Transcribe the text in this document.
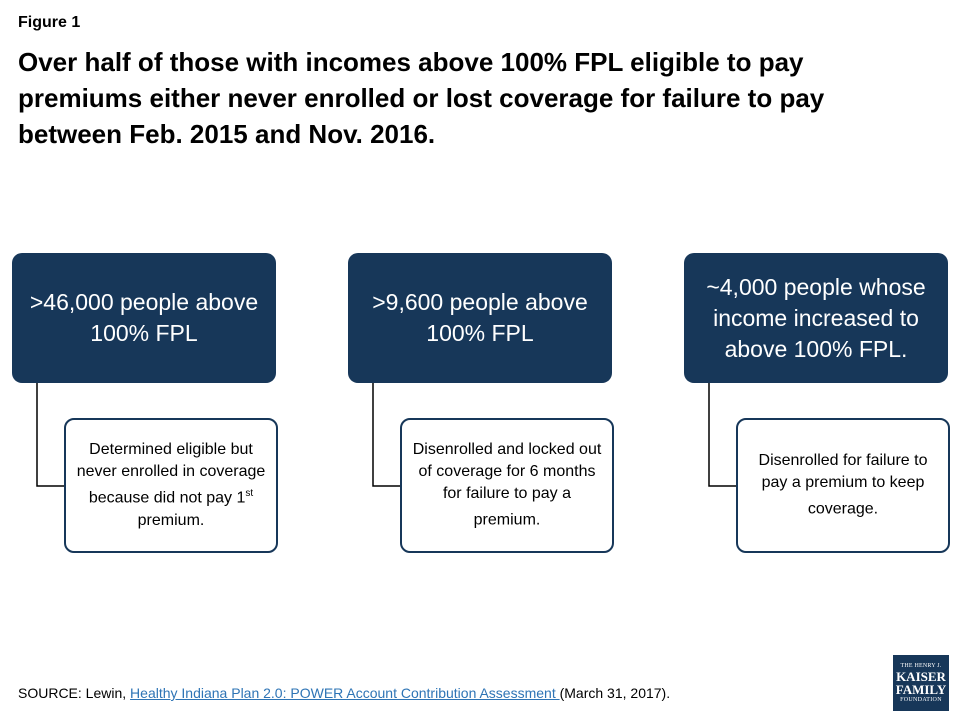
Figure 1
Over half of those with incomes above 100% FPL eligible to pay premiums either never enrolled or lost coverage for failure to pay between Feb. 2015 and Nov. 2016.
>46,000 people above 100% FPL
Determined eligible but never enrolled in coverage because did not pay 1st premium.
>9,600 people above 100% FPL
Disenrolled and locked out of coverage for 6 months for failure to pay a premium.
~4,000 people whose income increased to above 100% FPL.
Disenrolled for failure to pay a premium to keep coverage.
SOURCE: Lewin, Healthy Indiana Plan 2.0: POWER Account Contribution Assessment (March 31, 2017).
THE HENRY J.
KAISER
FAMILY
FOUNDATION
